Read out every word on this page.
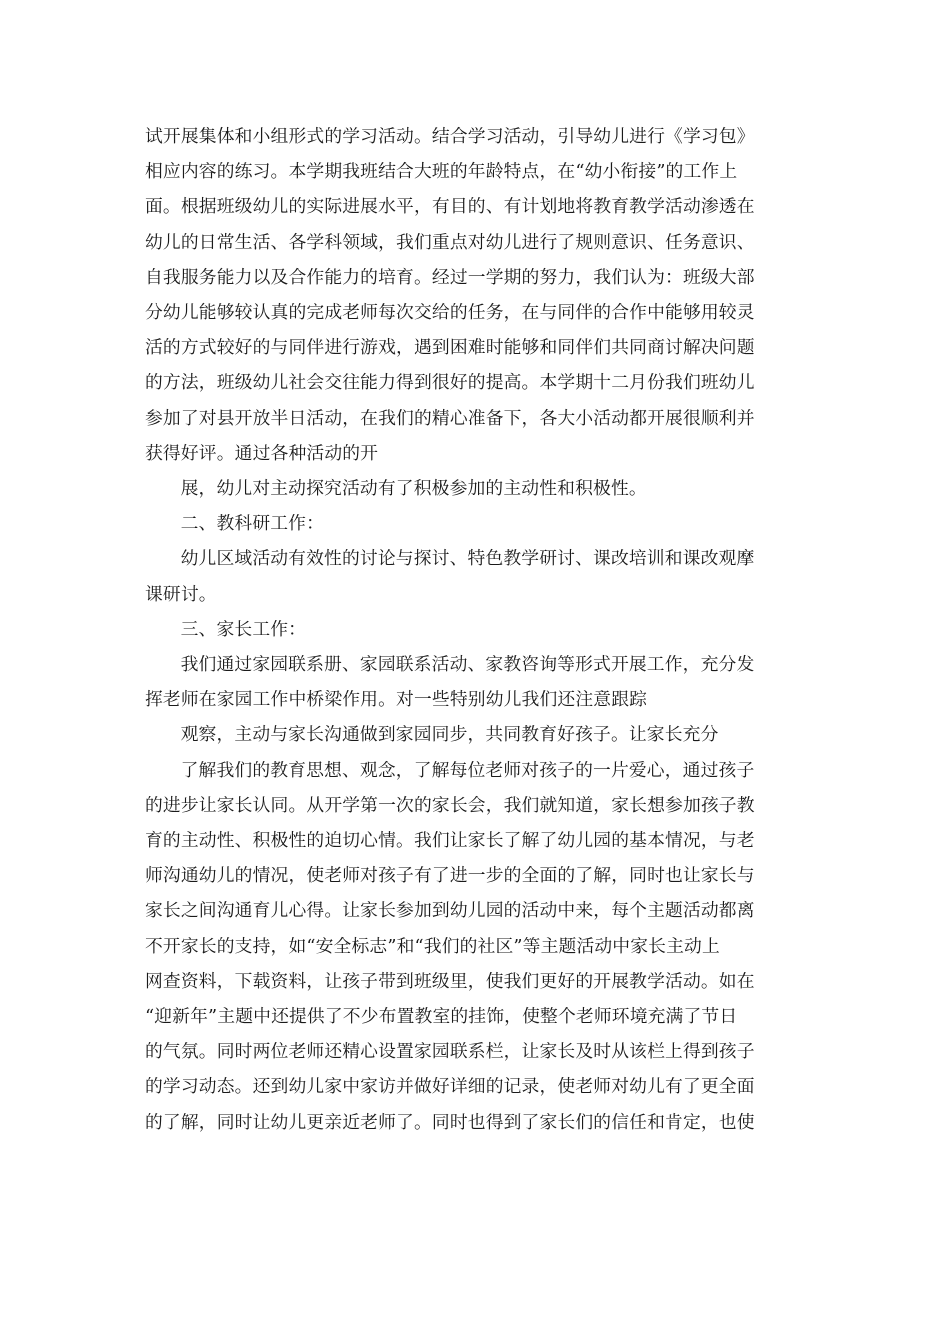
试开展集体和小组形式的学习活动。结合学习活动，引导幼儿进行《学习包》

相应内容的练习。本学期我班结合大班的年龄特点，在“幼小衔接”的工作上

面。根据班级幼儿的实际进展水平，有目的、有计划地将教育教学活动渗透在

幼儿的日常生活、各学科领域，我们重点对幼儿进行了规则意识、任务意识、

自我服务能力以及合作能力的培育。经过一学期的努力，我们认为：班级大部

分幼儿能够较认真的完成老师每次交给的任务，在与同伴的合作中能够用较灵

活的方式较好的与同伴进行游戏，遇到困难时能够和同伴们共同商讨解决问题

的方法，班级幼儿社会交往能力得到很好的提高。本学期十二月份我们班幼儿

参加了对县开放半日活动，在我们的精心准备下，各大小活动都开展很顺利并

获得好评。通过各种活动的开

展，幼儿对主动探究活动有了积极参加的主动性和积极性。

二、教科研工作：

幼儿区域活动有效性的讨论与探讨、特色教学研讨、课改培训和课改观摩

课研讨。

三、家长工作：

我们通过家园联系册、家园联系活动、家教咨询等形式开展工作，充分发

挥老师在家园工作中桥梁作用。对一些特别幼儿我们还注意跟踪

观察，主动与家长沟通做到家园同步，共同教育好孩子。让家长充分

了解我们的教育思想、观念，了解每位老师对孩子的一片爱心，通过孩子

的进步让家长认同。从开学第一次的家长会，我们就知道，家长想参加孩子教

育的主动性、积极性的迫切心情。我们让家长了解了幼儿园的基本情况，与老

师沟通幼儿的情况，使老师对孩子有了进一步的全面的了解，同时也让家长与

家长之间沟通育儿心得。让家长参加到幼儿园的活动中来，每个主题活动都离

不开家长的支持，如“安全标志”和“我们的社区”等主题活动中家长主动上

网查资料，下载资料，让孩子带到班级里，使我们更好的开展教学活动。如在

“迎新年”主题中还提供了不少布置教室的挂饰，使整个老师环境充满了节日

的气氛。同时两位老师还精心设置家园联系栏，让家长及时从该栏上得到孩子

的学习动态。还到幼儿家中家访并做好详细的记录，使老师对幼儿有了更全面

的了解，同时让幼儿更亲近老师了。同时也得到了家长们的信任和肯定，也使
